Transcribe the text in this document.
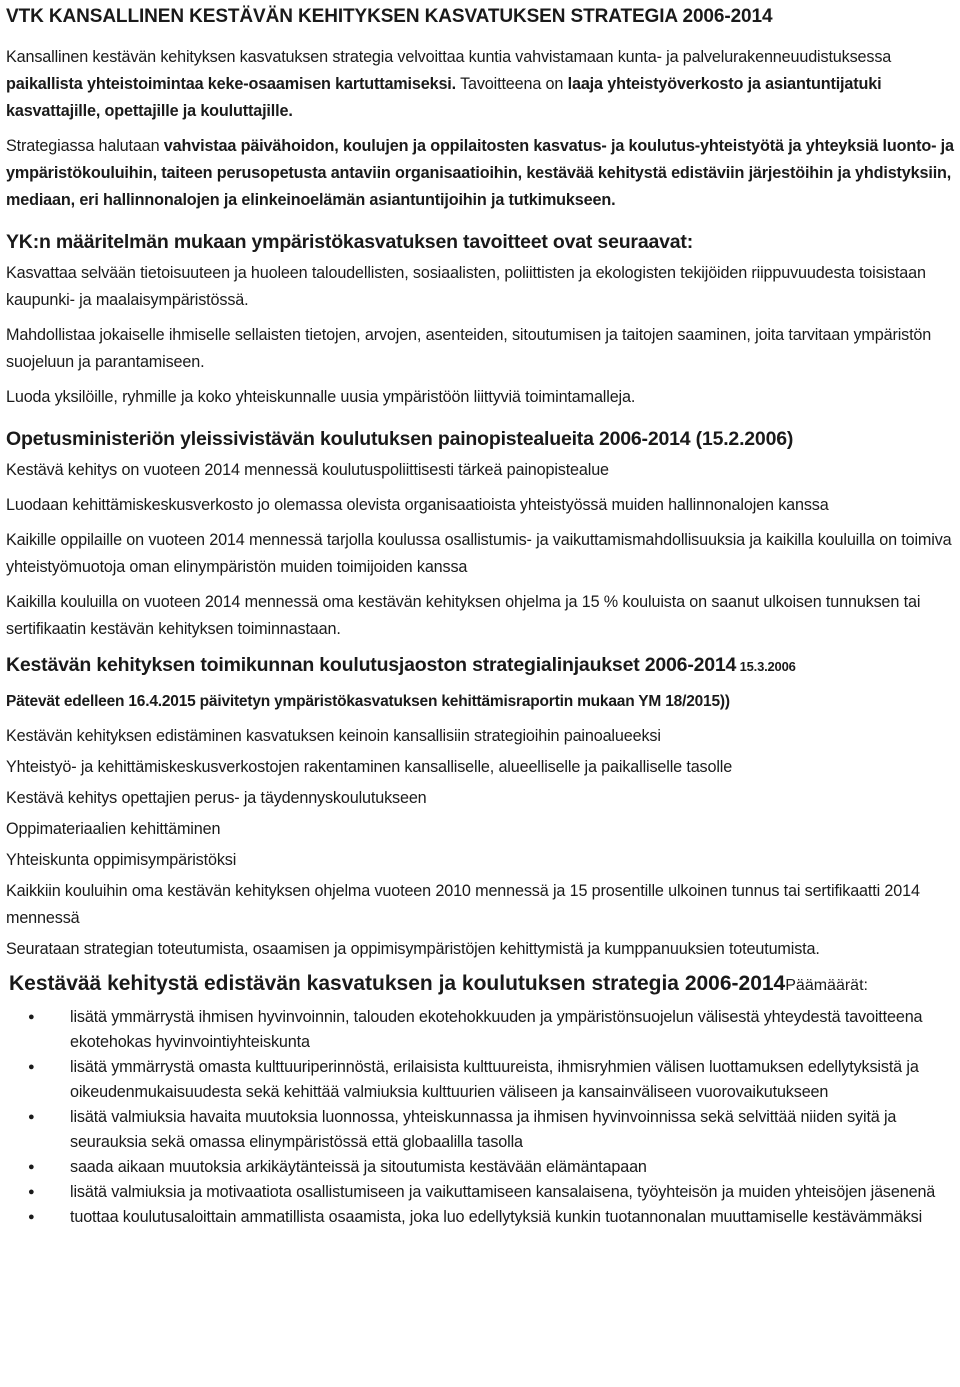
VTK KANSALLINEN KESTÄVÄN KEHITYKSEN KASVATUKSEN STRATEGIA 2006-2014

Kansallinen kestävän kehityksen kasvatuksen strategia velvoittaa kuntia vahvistamaan kunta- ja palvelurakenneuudistuksessa paikallista yhteistoimintaa keke-osaamisen kartuttamiseksi. Tavoitteena on laaja yhteistyöverkosto ja asiantuntijatuki kasvattajille, opettajille ja kouluttajille.

Strategiassa halutaan vahvistaa päivähoidon, koulujen ja oppilaitosten kasvatus- ja koulutus-yhteistyötä ja yhteyksiä luonto- ja ympäristökouluihin, taiteen perusopetusta antaviin organisaatioihin, kestävää kehitystä edistäviin järjestöihin ja yhdistyksiin, mediaan, eri hallinnonalojen ja elinkeinoelämän asiantuntijoihin ja tutkimukseen.

YK:n määritelmän mukaan ympäristökasvatuksen tavoitteet ovat seuraavat:

Kasvattaa selvään tietoisuuteen ja huoleen taloudellisten, sosiaalisten, poliittisten ja ekologisten tekijöiden riippuvuudesta toisistaan kaupunki- ja maalaisympäristössä.

Mahdollistaa jokaiselle ihmiselle sellaisten tietojen, arvojen, asenteiden, sitoutumisen ja taitojen saaminen, joita tarvitaan ympäristön suojeluun ja parantamiseen.

Luoda yksilöille, ryhmille ja koko yhteiskunnalle uusia ympäristöön liittyviä toimintamalleja.

Opetusministeriön yleissivistävän koulutuksen painopistealueita 2006-2014 (15.2.2006)

Kestävä kehitys on vuoteen 2014 mennessä koulutuspoliittisesti tärkeä painopistealue

Luodaan kehittämiskeskusverkosto jo olemassa olevista organisaatioista yhteistyössä muiden hallinnonalojen kanssa

Kaikille oppilaille on vuoteen 2014 mennessä tarjolla koulussa osallistumis- ja vaikuttamismahdollisuuksia ja kaikilla kouluilla on toimiva yhteistyömuotoja oman elinympäristön muiden toimijoiden kanssa

Kaikilla kouluilla on vuoteen 2014 mennessä oma kestävän kehityksen ohjelma ja 15 % kouluista on saanut ulkoisen tunnuksen tai sertifikaatin kestävän kehityksen toiminnastaan.

Kestävän kehityksen toimikunnan koulutusjaoston strategialinjaukset 2006-2014 15.3.2006
Pätevät edelleen 16.4.2015 päivitetyn ympäristökasvatuksen kehittämisraportin mukaan YM 18/2015))

Kestävän kehityksen edistäminen kasvatuksen keinoin kansallisiin strategioihin painoalueeksi

Yhteistyö- ja kehittämiskeskusverkostojen rakentaminen kansalliselle, alueelliselle ja paikalliselle tasolle

Kestävä kehitys opettajien perus- ja täydennyskoulutukseen

Oppimateriaalien kehittäminen

Yhteiskunta oppimisympäristöksi

Kaikkiin kouluihin oma kestävän kehityksen ohjelma vuoteen 2010 mennessä ja 15 prosentille ulkoinen tunnus tai sertifikaatti 2014 mennessä

Seurataan strategian toteutumista, osaamisen ja oppimisympäristöjen kehittymistä ja kumppanuuksien toteutumista.

Kestävää kehitystä edistävän kasvatuksen ja koulutuksen strategia 2006-2014Päämäärät:
● lisätä ymmärrystä ihmisen hyvinvoinnin, talouden ekotehokkuuden ja ympäristönsuojelun välisestä yhteydestä tavoitteena ekotehokas hyvinvointiyhteiskunta
● lisätä ymmärrystä omasta kulttuuriperinnöstä, erilaisista kulttuureista, ihmisryhmien välisen luottamuksen edellytyksistä ja oikeudenmukaisuudesta sekä kehittää valmiuksia kulttuurien väliseen ja kansainväliseen vuorovaikutukseen
● lisätä valmiuksia havaita muutoksia luonnossa, yhteiskunnassa ja ihmisen hyvinvoinnissa sekä selvittää niiden syitä ja seurauksia sekä omassa elinympäristössä että globaalilla tasolla
● saada aikaan muutoksia arkikäytänteissä ja sitoutumista kestävään elämäntapaan
● lisätä valmiuksia ja motivaatiota osallistumiseen ja vaikuttamiseen kansalaisena, työyhteisön ja muiden yhteisöjen jäsenenä
● tuottaa koulutusaloittain ammatillista osaamista, joka luo edellytyksiä kunkin tuotannonalan muuttamiselle kestävämmäksi
